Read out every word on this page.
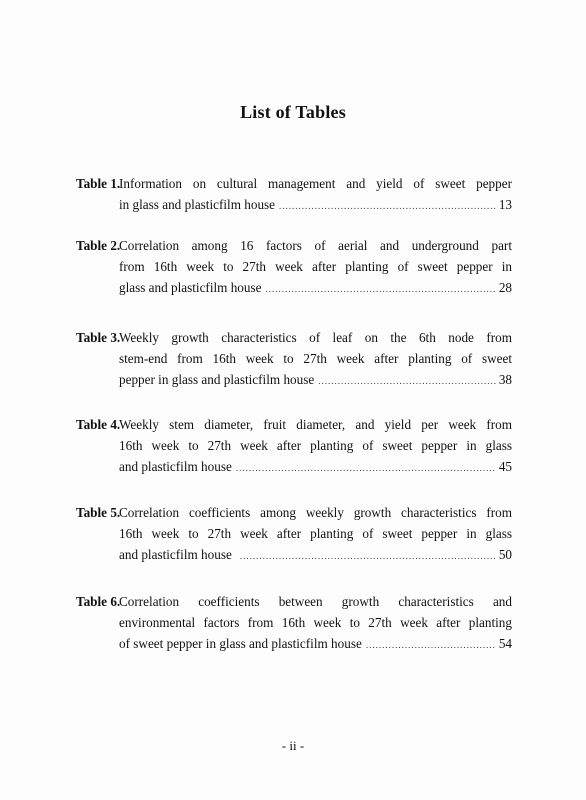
List of Tables
Table 1.
Information on cultural management and yield of sweet pepper
in glass and plasticfilm house .....	13
Table 2.
Correlation among 16 factors of aerial and underground part
from 16th week to 27th week after planting of sweet pepper in
glass and plasticfilm house .....	28
Table 3.
Weekly growth characteristics of leaf on the 6th node from
stem-end from 16th week to 27th week after planting of sweet
pepper in glass and plasticfilm house .....	38
Table 4.
Weekly stem diameter, fruit diameter, and yield per week from
16th week to 27th week after planting of sweet pepper in glass
and plasticfilm house .....	45
Table 5.
Correlation coefficients among weekly growth characteristics from
16th week to 27th week after planting of sweet pepper in glass
and plasticfilm house .....	50
Table 6.
Correlation coefficients between growth characteristics and
environmental factors from 16th week to 27th week after planting
of sweet pepper in glass and plasticfilm house .....	54
- ii -
